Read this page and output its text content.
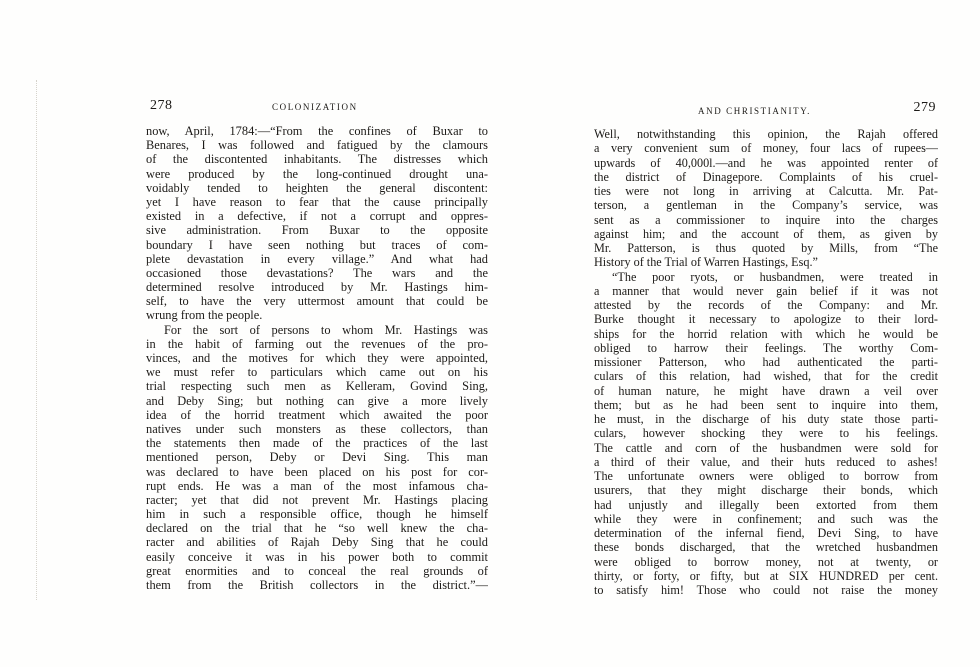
278	COLONIZATION
now, April, 1784:—“From the confines of Buxar to
Benares, I was followed and fatigued by the clamours
of the discontented inhabitants. The distresses which
were produced by the long-continued drought una-
voidably tended to heighten the general discontent:
yet I have reason to fear that the cause principally
existed in a defective, if not a corrupt and oppres-
sive administration. From Buxar to the opposite
boundary I have seen nothing but traces of com-
plete devastation in every village.” And what had
occasioned those devastations? The wars and the
determined resolve introduced by Mr. Hastings him-
self, to have the very uttermost amount that could be
wrung from the people.
For the sort of persons to whom Mr. Hastings was
in the habit of farming out the revenues of the pro-
vinces, and the motives for which they were appointed,
we must refer to particulars which came out on his
trial respecting such men as Kelleram, Govind Sing,
and Deby Sing; but nothing can give a more lively
idea of the horrid treatment which awaited the poor
natives under such monsters as these collectors, than
the statements then made of the practices of the last
mentioned person, Deby or Devi Sing. This man
was declared to have been placed on his post for cor-
rupt ends. He was a man of the most infamous cha-
racter; yet that did not prevent Mr. Hastings placing
him in such a responsible office, though he himself
declared on the trial that he “so well knew the cha-
racter and abilities of Rajah Deby Sing that he could
easily conceive it was in his power both to commit
great enormities and to conceal the real grounds of
them from the British collectors in the district.”—
AND CHRISTIANITY.	279
Well, notwithstanding this opinion, the Rajah offered
a very convenient sum of money, four lacs of rupees—
upwards of 40,000l.—and he was appointed renter of
the district of Dinagepore. Complaints of his cruel-
ties were not long in arriving at Calcutta. Mr. Pat-
terson, a gentleman in the Company’s service, was
sent as a commissioner to inquire into the charges
against him; and the account of them, as given by
Mr. Patterson, is thus quoted by Mills, from “The
History of the Trial of Warren Hastings, Esq.”
“The poor ryots, or husbandmen, were treated in
a manner that would never gain belief if it was not
attested by the records of the Company: and Mr.
Burke thought it necessary to apologize to their lord-
ships for the horrid relation with which he would be
obliged to harrow their feelings. The worthy Com-
missioner Patterson, who had authenticated the parti-
culars of this relation, had wished, that for the credit
of human nature, he might have drawn a veil over
them; but as he had been sent to inquire into them,
he must, in the discharge of his duty state those parti-
culars, however shocking they were to his feelings.
The cattle and corn of the husbandmen were sold for
a third of their value, and their huts reduced to ashes!
The unfortunate owners were obliged to borrow from
usurers, that they might discharge their bonds, which
had unjustly and illegally been extorted from them
while they were in confinement; and such was the
determination of the infernal fiend, Devi Sing, to have
these bonds discharged, that the wretched husbandmen
were obliged to borrow money, not at twenty, or
thirty, or forty, or fifty, but at SIX HUNDRED per cent.
to satisfy him! Those who could not raise the money
